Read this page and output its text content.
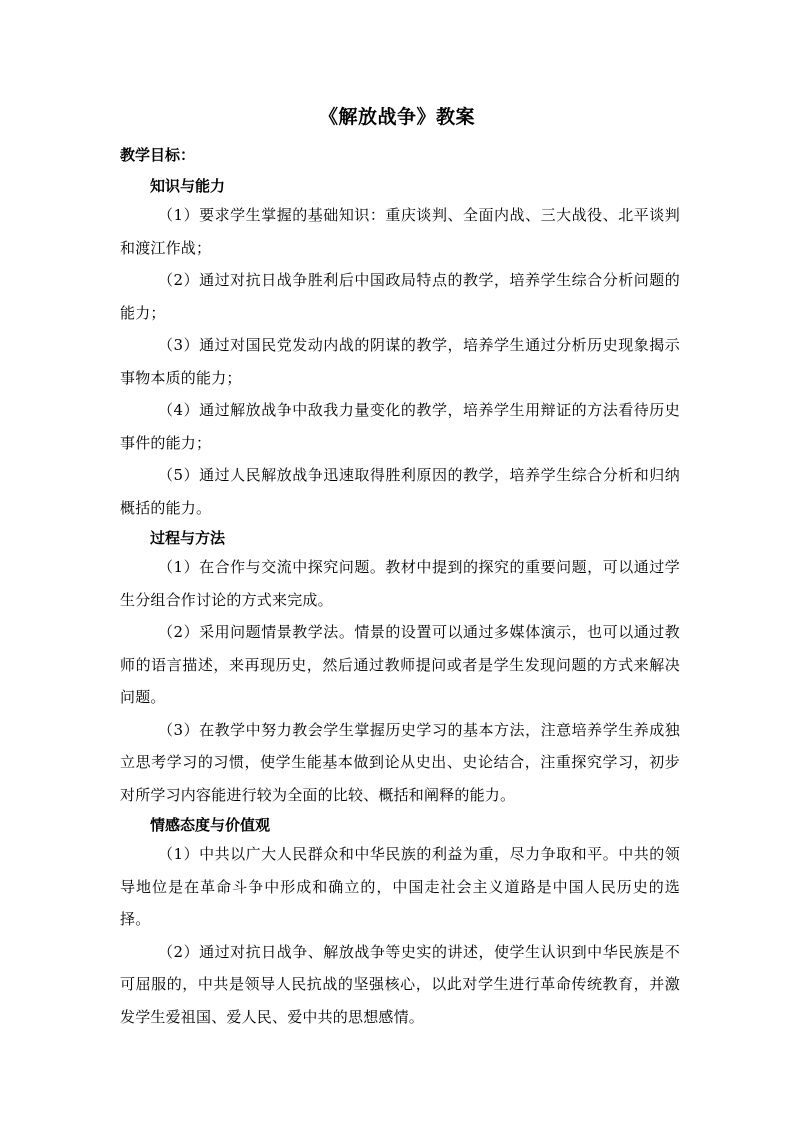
《解放战争》教案
教学目标：
知识与能力

（1）要求学生掌握的基础知识：重庆谈判、全面内战、三大战役、北平谈判和渡江作战；

（2）通过对抗日战争胜利后中国政局特点的教学，培养学生综合分析问题的能力；

（3）通过对国民党发动内战的阴谋的教学，培养学生通过分析历史现象揭示事物本质的能力；

（4）通过解放战争中敌我力量变化的教学，培养学生用辩证的方法看待历史事件的能力；

（5）通过人民解放战争迅速取得胜利原因的教学，培养学生综合分析和归纳概括的能力。

过程与方法

（1）在合作与交流中探究问题。教材中提到的探究的重要问题，可以通过学生分组合作讨论的方式来完成。

（2）采用问题情景教学法。情景的设置可以通过多媒体演示，也可以通过教师的语言描述，来再现历史，然后通过教师提问或者是学生发现问题的方式来解决问题。

（3）在教学中努力教会学生掌握历史学习的基本方法，注意培养学生养成独立思考学习的习惯，使学生能基本做到论从史出、史论结合，注重探究学习，初步对所学习内容能进行较为全面的比较、概括和阐释的能力。

情感态度与价值观

（1）中共以广大人民群众和中华民族的利益为重，尽力争取和平。中共的领导地位是在革命斗争中形成和确立的，中国走社会主义道路是中国人民历史的选择。

（2）通过对抗日战争、解放战争等史实的讲述，使学生认识到中华民族是不可屈服的，中共是领导人民抗战的坚强核心，以此对学生进行革命传统教育，并激发学生爱祖国、爱人民、爱中共的思想感情。
